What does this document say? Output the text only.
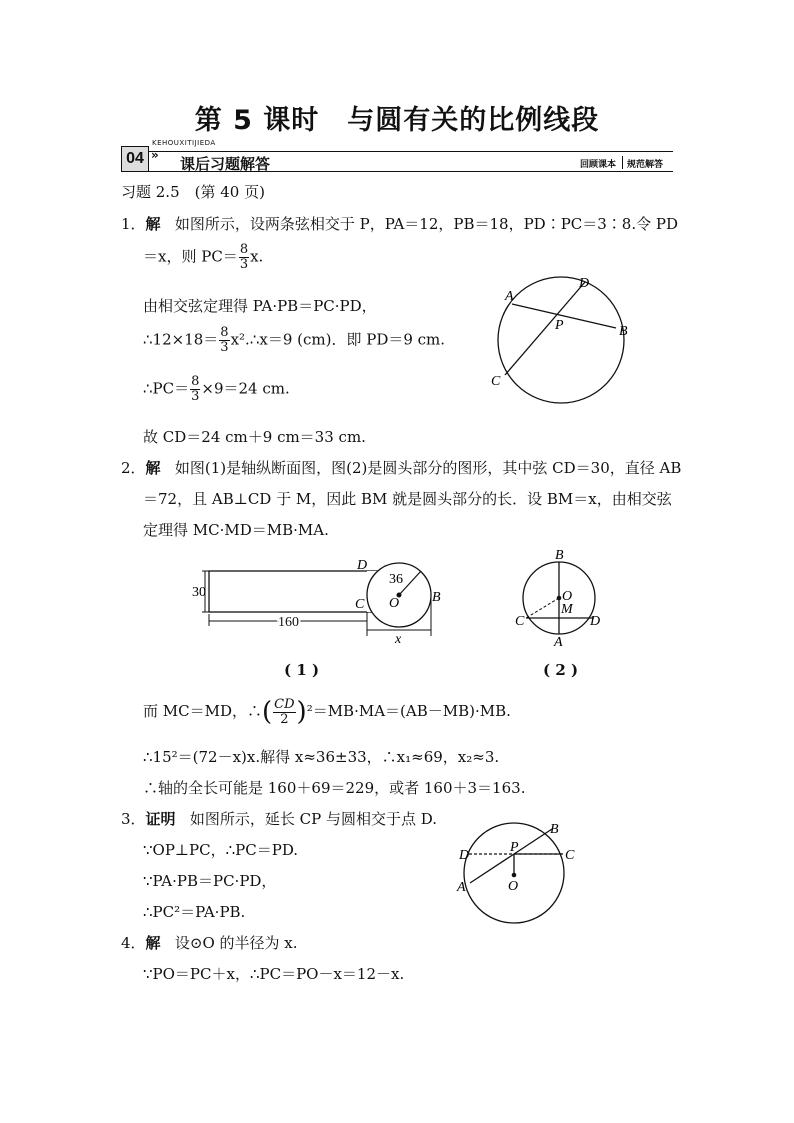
第 5 课时　与圆有关的比例线段
04 »
KEHOUXITIJIEDA
课后习题解答	回顾课本 规范解答
习题 2.5　(第 40 页)
1．解 如图所示，设两条弦相交于 P，PA＝12，PB＝18，PD∶PC＝3∶8.令 PD
＝x，则 $PC= \frac{8}{3} x$.
由相交弦定理得 PA·PB＝PC·PD，
∴12×18＝ $\frac{8}{3}$ x².∴x＝9 (cm)．即 PD＝9 cm.
∴PC＝ $\frac{8}{3} \times 9=24$ cm.
故 CD＝24 cm＋9 cm＝33 cm.
A
B
C
D
P
2．解 如图(1)是轴纵断面图，图(2)是圆头部分的图形，其中弦 CD＝30，直径 AB
＝72，且 AB⊥CD 于 M，因此 BM 就是圆头部分的长．设 BM＝x，由相交弦
定理得 MC·MD＝MB·MA.
30
160
x
36
O
D
C	B
( 1 )
B
A
C	D
O
M
( 2 )
而 MC＝MD，∴( $\frac{CD}{2} )^2=MB\cdot MA=(AB-MB)\cdot MB$.
∴15²＝(72－x)x.解得 x≈36±33，∴x₁≈69，x₂≈3.
∴轴的全长可能是 160＋69＝229，或者 160＋3＝163.
3．证明 如图所示，延长 CP 与圆相交于点 D.
∵OP⊥PC，∴PC＝PD.
∵PA·PB＝PC·PD，
∴PC²＝PA·PB.
D	C
B
A
P
O
4．解 设⊙O 的半径为 x.
∵PO＝PC＋x，∴PC＝PO－x＝12－x.
